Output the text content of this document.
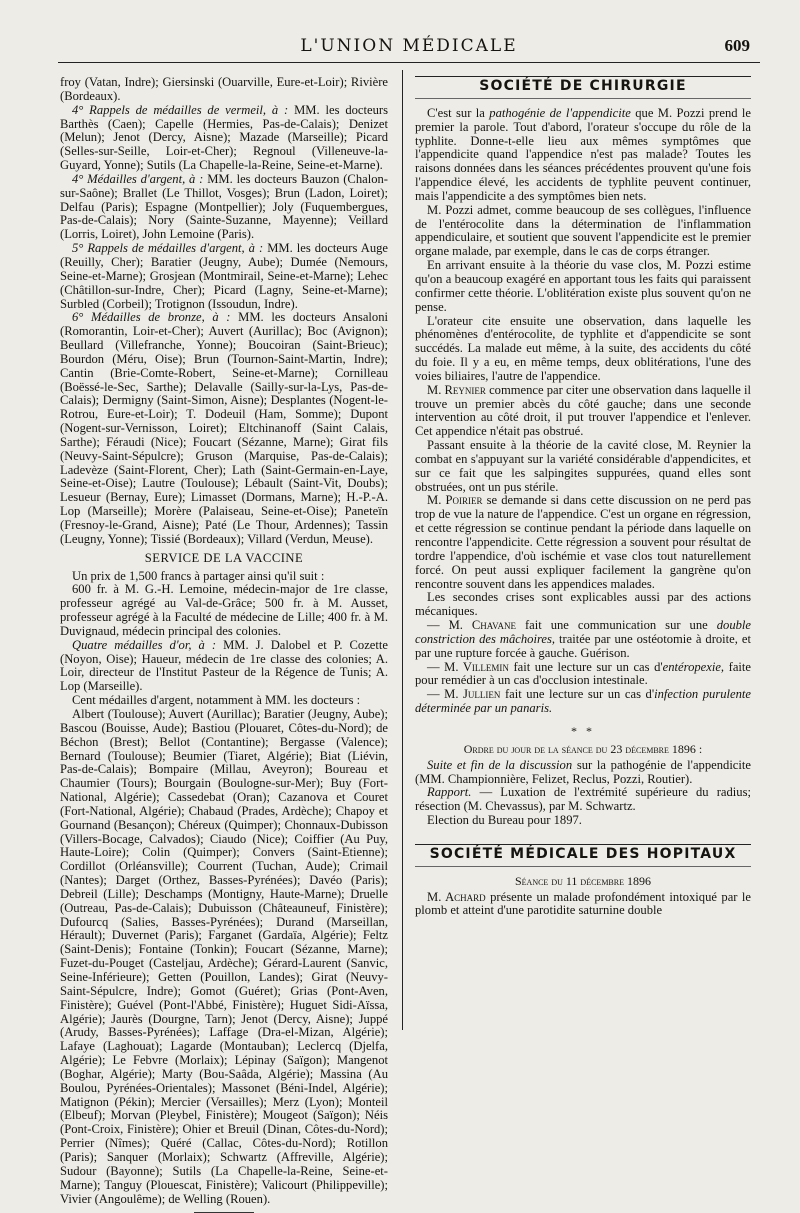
L'UNION MÉDICALE	609

froy (Vatan, Indre); Giersinski (Ouarville, Eure-et-Loir); Rivière (Bordeaux).

4° Rappels de médailles de vermeil, à : MM. les docteurs Barthès (Caen); Capelle (Hermies, Pas-de-Calais); Denizet (Melun); Jenot (Dercy, Aisne); Mazade (Marseille); Picard (Selles-sur-Seille, Loir-et-Cher); Regnoul (Villeneuve-la-Guyard, Yonne); Sutils (La Chapelle-la-Reine, Seine-et-Marne).

4° Médailles d'argent, à : MM. les docteurs Bauzon (Chalon-sur-Saône); Brallet (Le Thillot, Vosges); Brun (Ladon, Loiret); Delfau (Paris); Espagne (Montpellier); Joly (Fuquembergues, Pas-de-Calais); Nory (Sainte-Suzanne, Mayenne); Veillard (Lorris, Loiret), John Lemoine (Paris).

5° Rappels de médailles d'argent, à : MM. les docteurs Auge (Reuilly, Cher); Baratier (Jeugny, Aube); Dumée (Nemours, Seine-et-Marne); Grosjean (Montmirail, Seine-et-Marne); Lehec (Châtillon-sur-Indre, Cher); Picard (Lagny, Seine-et-Marne); Surbled (Corbeil); Trotignon (Issoudun, Indre).

6° Médailles de bronze, à : MM. les docteurs Ansaloni (Romorantin, Loir-et-Cher); Auvert (Aurillac); Boc (Avignon); Beullard (Villefranche, Yonne); Boucoiran (Saint-Brieuc); Bourdon (Méru, Oise); Brun (Tournon-Saint-Martin, Indre); Cantin (Brie-Comte-Robert, Seine-et-Marne); Cornilleau (Boëssé-le-Sec, Sarthe); Delavalle (Sailly-sur-la-Lys, Pas-de-Calais); Dermigny (Saint-Simon, Aisne); Desplantes (Nogent-le-Rotrou, Eure-et-Loir); T. Dodeuil (Ham, Somme); Dupont (Nogent-sur-Vernisson, Loiret); Eltchinanoff (Saint Calais, Sarthe); Féraudi (Nice); Foucart (Sézanne, Marne); Girat fils (Neuvy-Saint-Sépulcre); Gruson (Marquise, Pas-de-Calais); Ladevèze (Saint-Florent, Cher); Lath (Saint-Germain-en-Laye, Seine-et-Oise); Lautre (Toulouse); Lébault (Saint-Vit, Doubs); Lesueur (Bernay, Eure); Limasset (Dormans, Marne); H.-P.-A. Lop (Marseille); Morère (Palaiseau, Seine-et-Oise); Paneteïn (Fresnoy-le-Grand, Aisne); Paté (Le Thour, Ardennes); Tassin (Leugny, Yonne); Tissié (Bordeaux); Villard (Verdun, Meuse).

SERVICE DE LA VACCINE

Un prix de 1,500 francs à partager ainsi qu'il suit :

600 fr. à M. G.-H. Lemoine, médecin-major de 1re classe, professeur agrégé au Val-de-Grâce; 500 fr. à M. Ausset, professeur agrégé à la Faculté de médecine de Lille; 400 fr. à M. Duvignaud, médecin principal des colonies.

Quatre médailles d'or, à : MM. J. Dalobel et P. Cozette (Noyon, Oise); Haueur, médecin de 1re classe des colonies; A. Loir, directeur de l'Institut Pasteur de la Régence de Tunis; A. Lop (Marseille).

Cent médailles d'argent, notamment à MM. les docteurs :

Albert (Toulouse); Auvert (Aurillac); Baratier (Jeugny, Aube); Bascou (Bouisse, Aude); Bastiou (Plouaret, Côtes-du-Nord); de Béchon (Brest); Bellot (Contantine); Bergasse (Valence); Bernard (Toulouse); Beumier (Tiaret, Algérie); Biat (Liévin, Pas-de-Calais); Bompaire (Millau, Aveyron); Boureau et Chaumier (Tours); Bourgain (Boulogne-sur-Mer); Buy (Fort-National, Algérie); Cassedebat (Oran); Cazanova et Couret (Fort-National, Algérie); Chabaud (Prades, Ardèche); Chapoy et Gournand (Besançon); Chéreux (Quimper); Chonnaux-Dubisson (Villers-Bocage, Calvados); Ciaudo (Nice); Coiffier (Au Puy, Haute-Loire); Colin (Quimper); Convers (Saint-Etienne); Cordillot (Orléansville); Courrent (Tuchan, Aude); Crimail (Nantes); Darget (Orthez, Basses-Pyrénées); Davéo (Paris); Debreil (Lille); Deschamps (Montigny, Haute-Marne); Druelle (Outreau, Pas-de-Calais); Dubuisson (Châteauneuf, Finistère); Dufourcq (Salies, Basses-Pyrénées); Durand (Marseillan, Hérault); Duvernet (Paris); Farganet (Gardaïa, Algérie); Feltz (Saint-Denis); Fontaine (Tonkin); Foucart (Sézanne, Marne); Fuzet-du-Pouget (Casteljau, Ardèche); Gérard-Laurent (Sanvic, Seine-Inférieure); Getten (Pouillon, Landes); Girat (Neuvy-Saint-Sépulcre, Indre); Gomot (Guéret); Grias (Pont-Aven, Finistère); Guével (Pont-l'Abbé, Finistère); Huguet Sidi-Aïssa, Algérie); Jaurès (Dourgne, Tarn); Jenot (Dercy, Aisne); Juppé (Arudy, Basses-Pyrénées); Laffage (Dra-el-Mizan, Algérie); Lafaye (Laghouat); Lagarde (Montauban); Leclercq (Djelfa, Algérie); Le Febvre (Morlaix); Lépinay (Saïgon); Mangenot (Boghar, Algérie); Marty (Bou-Saâda, Algérie); Massina (Au Boulou, Pyrénées-Orientales); Massonet (Béni-Indel, Algérie); Matignon (Pékin); Mercier (Versailles); Merz (Lyon); Monteil (Elbeuf); Morvan (Pleybel, Finistère); Mougeot (Saïgon); Néis (Pont-Croix, Finistère); Ohier et Breuil (Dinan, Côtes-du-Nord); Perrier (Nîmes); Quéré (Callac, Côtes-du-Nord); Rotillon (Paris); Sanquer (Morlaix); Schwartz (Affreville, Algérie); Sudour (Bayonne); Sutils (La Chapelle-la-Reine, Seine-et-Marne); Tanguy (Plouescat, Finistère); Valicourt (Philippeville); Vivier (Angoulême); de Welling (Rouen).

SOCIÉTÉ DE CHIRURGIE

C'est sur la pathogénie de l'appendicite que M. Pozzi prend le premier la parole. Tout d'abord, l'orateur s'occupe du rôle de la typhlite. Donne-t-elle lieu aux mêmes symptômes que l'appendicite quand l'appendice n'est pas malade? Toutes les raisons données dans les séances précédentes prouvent qu'une fois l'appendice élevé, les accidents de typhlite peuvent continuer, mais l'appendicite a des symptômes bien nets.

M. Pozzi admet, comme beaucoup de ses collègues, l'influence de l'entérocolite dans la détermination de l'inflammation appendiculaire, et soutient que souvent l'appendicite est le premier organe malade, par exemple, dans le cas de corps étranger.

En arrivant ensuite à la théorie du vase clos, M. Pozzi estime qu'on a beaucoup exagéré en apportant tous les faits qui paraissent confirmer cette théorie. L'oblitération existe plus souvent qu'on ne pense.

L'orateur cite ensuite une observation, dans laquelle les phénomènes d'entérocolite, de typhlite et d'appendicite se sont succédés. La malade eut même, à la suite, des accidents du côté du foie. Il y a eu, en même temps, deux oblitérations, l'une des voies biliaires, l'autre de l'appendice.

M. Reynier commence par citer une observation dans laquelle il trouve un premier abcès du côté gauche; dans une seconde intervention au côté droit, il put trouver l'appendice et l'enlever. Cet appendice n'était pas obstrué.

Passant ensuite à la théorie de la cavité close, M. Reynier la combat en s'appuyant sur la variété considérable d'appendicites, et sur ce fait que les salpingites suppurées, quand elles sont obstruées, ont un pus stérile.

M. Poirier se demande si dans cette discussion on ne perd pas trop de vue la nature de l'appendice. C'est un organe en régression, et cette régression se continue pendant la période dans laquelle on rencontre l'appendicite. Cette régression a souvent pour résultat de tordre l'appendice, d'où ischémie et vase clos tout naturellement forcé. On peut aussi expliquer facilement la gangrène qu'on rencontre souvent dans les appendices malades.

Les secondes crises sont explicables aussi par des actions mécaniques.

— M. Chavane fait une communication sur une double constriction des mâchoires, traitée par une ostéotomie à droite, et par une rupture forcée à gauche. Guérison.

— M. Villemin fait une lecture sur un cas d'entéropexie, faite pour remédier à un cas d'occlusion intestinale.

— M. Jullien fait une lecture sur un cas d'infection purulente déterminée par un panaris.

* *

Ordre du jour de la séance du 23 décembre 1896 :

Suite et fin de la discussion sur la pathogénie de l'appendicite (MM. Championnière, Felizet, Reclus, Pozzi, Routier).

Rapport. — Luxation de l'extrémité supérieure du radius; résection (M. Chevassus), par M. Schwartz.

Election du Bureau pour 1897.

SOCIÉTÉ MÉDICALE DES HOPITAUX

Séance du 11 décembre 1896

M. Achard présente un malade profondément intoxiqué par le plomb et atteint d'une parotidite saturnine double
